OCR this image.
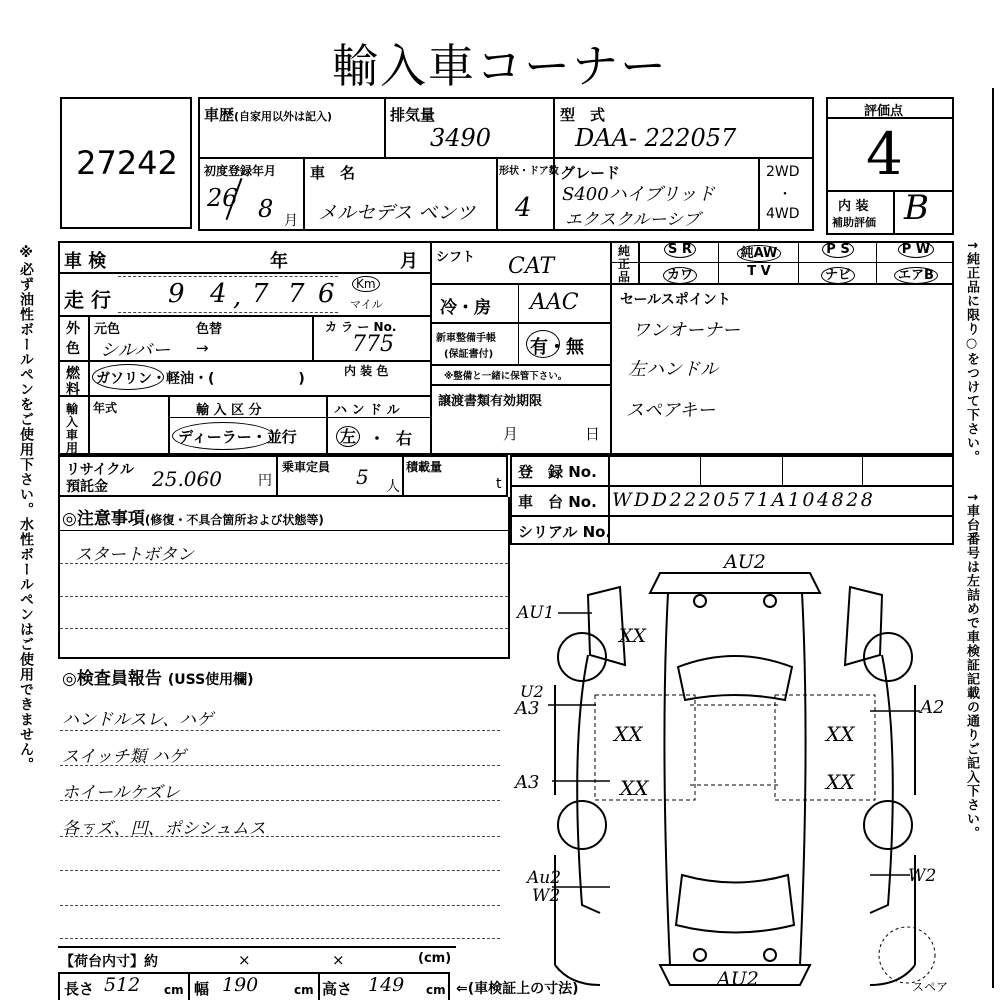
輸入車コーナー
※必ず油性ボールペンをご使用下さい。水性ボールペンはご使用できません。	↑純正品に限り○をつけて下さい。
↑車台番号は左詰めで車検証記載の通りご記入下さい。
27242
車歴(自家用以外は記入)	排気量
3490
型　式
DAA- 222057
初度登録年月
26 8 月
車　名
メルセデス ベンツ
形状・ドア数
4
グレード
S400ハイブリッド
エクスクルーシブ
2WD
・
4WD
評価点
4
内 装
補助評価 B
車 検	年	月
走 行 9 4 , 7 7 6	Km
マイル
外
色
元色	色替
シルバー →
カ ラ ー No.
775
燃
料
ガソリン・軽油・(　　　　　　)	内 装 色
輸
入
車
用
年式	輸 入 区 分
ディーラー・並行
ハ ン ド ル
左 ・ 右
シフト CAT
冷・房 AAC
新車整備手帳
(保証書付) 有・無
※整備と一緒に保管下さい。
譲渡書類有効期限
月	日
純
正
品
S R	純AW	P S	P W
カワ	T V	ナビ	エアB
セールスポイント
ワンオーナー
左ハンドル
スペアキー
リサイクル
預託金 25.060	円
乗車定員 5 人
積載量
t
登　録 No.
車　台 No. WDD2220571A104828
シリアル No.
◎注意事項(修復・不具合箇所および状態等)
スタートボタン
◎検査員報告 (USS使用欄)
ハンドルスレ、ハゲ
スイッチ類 ハゲ
ホイールケズレ
各ㄎズ、凹、ポシシュムス
AU2
AU1
XX
U2
A3
XX	XX
A2
A3	XX	XX
Au2
W2
W2
AU2	スペア
【荷台内寸】約	×	×	(cm)
長さ 512 cm 幅 190	cm 高さ 149 cm ⇐(車検証上の寸法)
